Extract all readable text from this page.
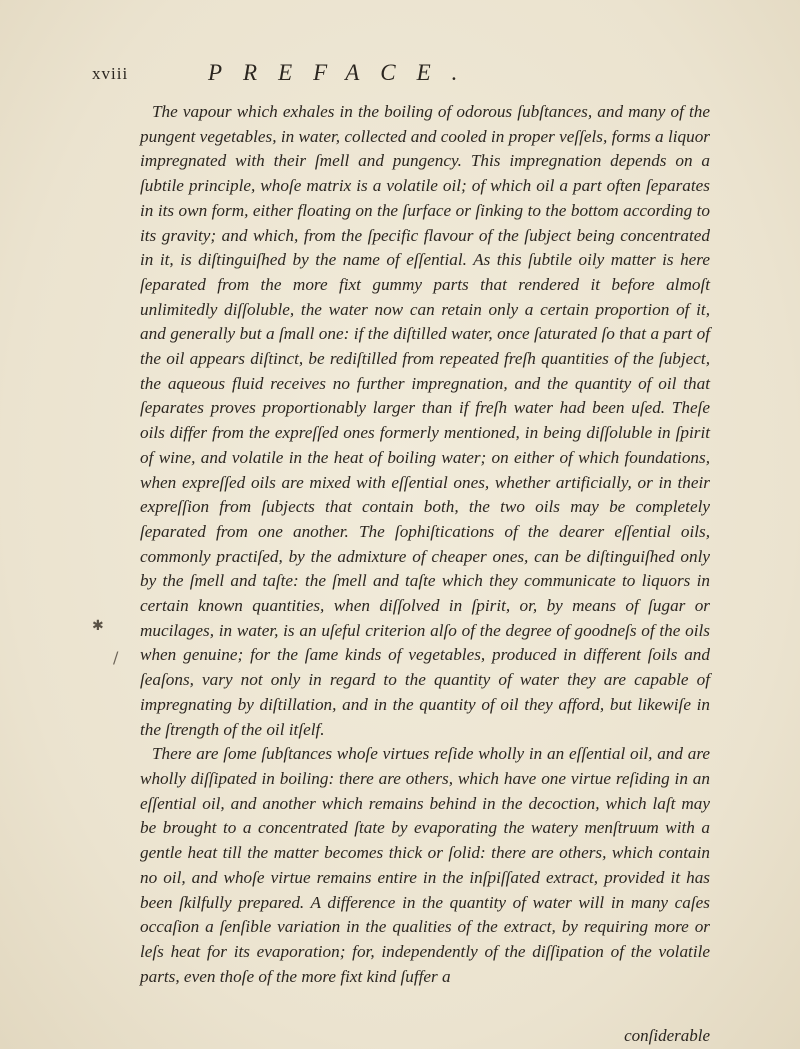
xviii	PREFACE.
✱
/

The vapour which exhales in the boiling of odorous ſubſtances, and many of the pungent vegetables, in water, collected and cooled in proper veſſels, forms a liquor impregnated with their ſmell and pungency. This impregnation depends on a ſubtile principle, whoſe matrix is a volatile oil; of which oil a part often ſeparates in its own form, either floating on the ſurface or ſinking to the bottom according to its gravity; and which, from the ſpecific flavour of the ſubject being concentrated in it, is diſtinguiſhed by the name of eſſential. As this ſubtile oily matter is here ſeparated from the more fixt gummy parts that rendered it before almoſt unlimitedly diſſoluble, the water now can retain only a certain proportion of it, and generally but a ſmall one: if the diſtilled water, once ſaturated ſo that a part of the oil appears diſtinct, be rediſtilled from repeated freſh quantities of the ſubject, the aqueous fluid receives no further impregnation, and the quantity of oil that ſeparates proves proportionably larger than if freſh water had been uſed. Theſe oils differ from the expreſſed ones formerly mentioned, in being diſſoluble in ſpirit of wine, and volatile in the heat of boiling water; on either of which foundations, when expreſſed oils are mixed with eſſential ones, whether artificially, or in their expreſſion from ſubjects that contain both, the two oils may be completely ſeparated from one another. The ſophiſtications of the dearer eſſential oils, commonly practiſed, by the admixture of cheaper ones, can be diſtinguiſhed only by the ſmell and taſte: the ſmell and taſte which they communicate to liquors in certain known quantities, when diſſolved in ſpirit, or, by means of ſugar or mucilages, in water, is an uſeful criterion alſo of the degree of goodneſs of the oils when genuine; for the ſame kinds of vegetables, produced in different ſoils and ſeaſons, vary not only in regard to the quantity of water they are capable of impregnating by diſtillation, and in the quantity of oil they afford, but likewiſe in the ſtrength of the oil itſelf.

There are ſome ſubſtances whoſe virtues reſide wholly in an eſſential oil, and are wholly diſſipated in boiling: there are others, which have one virtue reſiding in an eſſential oil, and another which remains behind in the decoction, which laſt may be brought to a concentrated ſtate by evaporating the watery menſtruum with a gentle heat till the matter becomes thick or ſolid: there are others, which contain no oil, and whoſe virtue remains entire in the inſpiſſated extract, provided it has been ſkilfully prepared. A difference in the quantity of water will in many caſes occaſion a ſenſible variation in the qualities of the extract, by requiring more or leſs heat for its evaporation; for, independently of the diſſipation of the volatile parts, even thoſe of the more fixt kind ſuffer a

conſiderable
